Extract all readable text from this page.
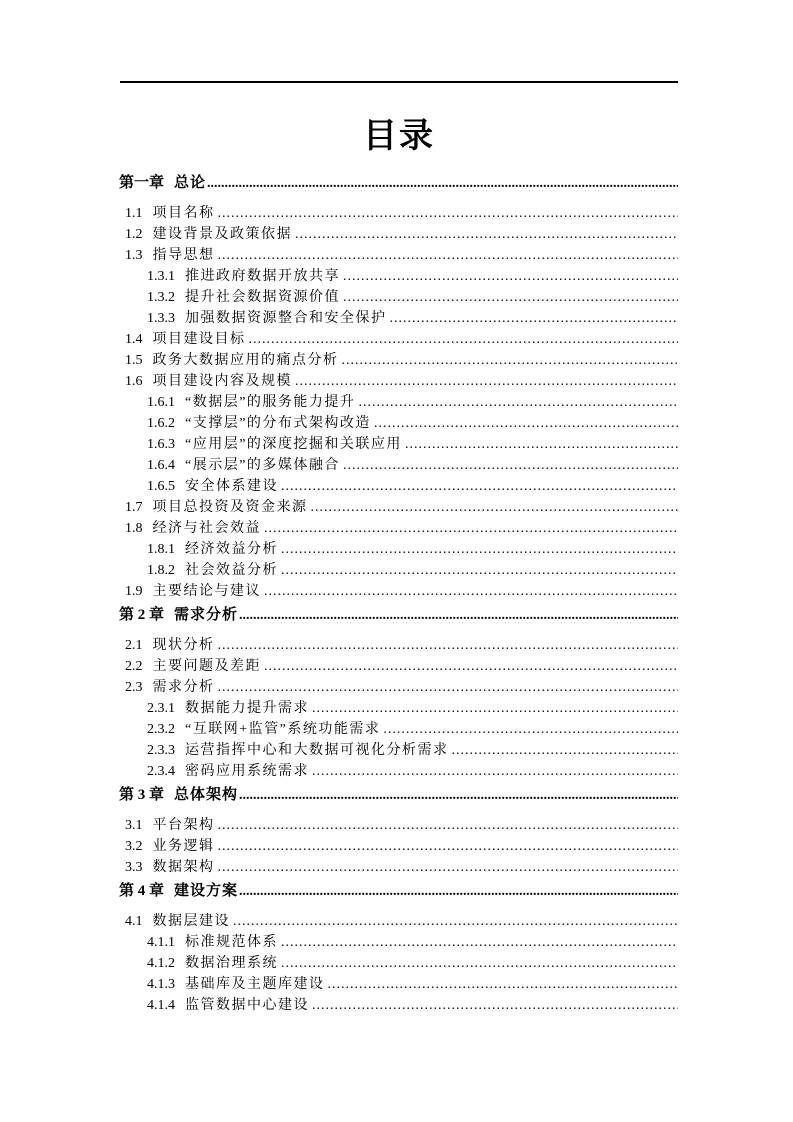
目录
第一章 总论
.....
1.1 项目名称
.....
1.2 建设背景及政策依据
.....
1.3 指导思想
.....
1.3.1 推进政府数据开放共享
.....
1.3.2 提升社会数据资源价值
.....
1.3.3 加强数据资源整合和安全保护
.....
1.4 项目建设目标
.....
1.5 政务大数据应用的痛点分析
.....
1.6 项目建设内容及规模
.....
1.6.1 “数据层”的服务能力提升
.....
1.6.2 “支撑层”的分布式架构改造
.....
1.6.3 “应用层”的深度挖掘和关联应用
.....
1.6.4 “展示层”的多媒体融合
.....
1.6.5 安全体系建设
.....
1.7 项目总投资及资金来源
.....
1.8 经济与社会效益
.....
1.8.1 经济效益分析
.....
1.8.2 社会效益分析
.....
1.9 主要结论与建议
.....
第 2 章 需求分析
.....
2.1 现状分析
.....
2.2 主要问题及差距
.....
2.3 需求分析
.....
2.3.1 数据能力提升需求
.....
2.3.2 “互联网+监管”系统功能需求
.....
2.3.3 运营指挥中心和大数据可视化分析需求
.....
2.3.4 密码应用系统需求
.....
第 3 章 总体架构
.....
3.1 平台架构
.....
3.2 业务逻辑
.....
3.3 数据架构
.....
第 4 章 建设方案
.....
4.1 数据层建设
.....
4.1.1 标准规范体系
.....
4.1.2 数据治理系统
.....
4.1.3 基础库及主题库建设
.....
4.1.4 监管数据中心建设
.....
